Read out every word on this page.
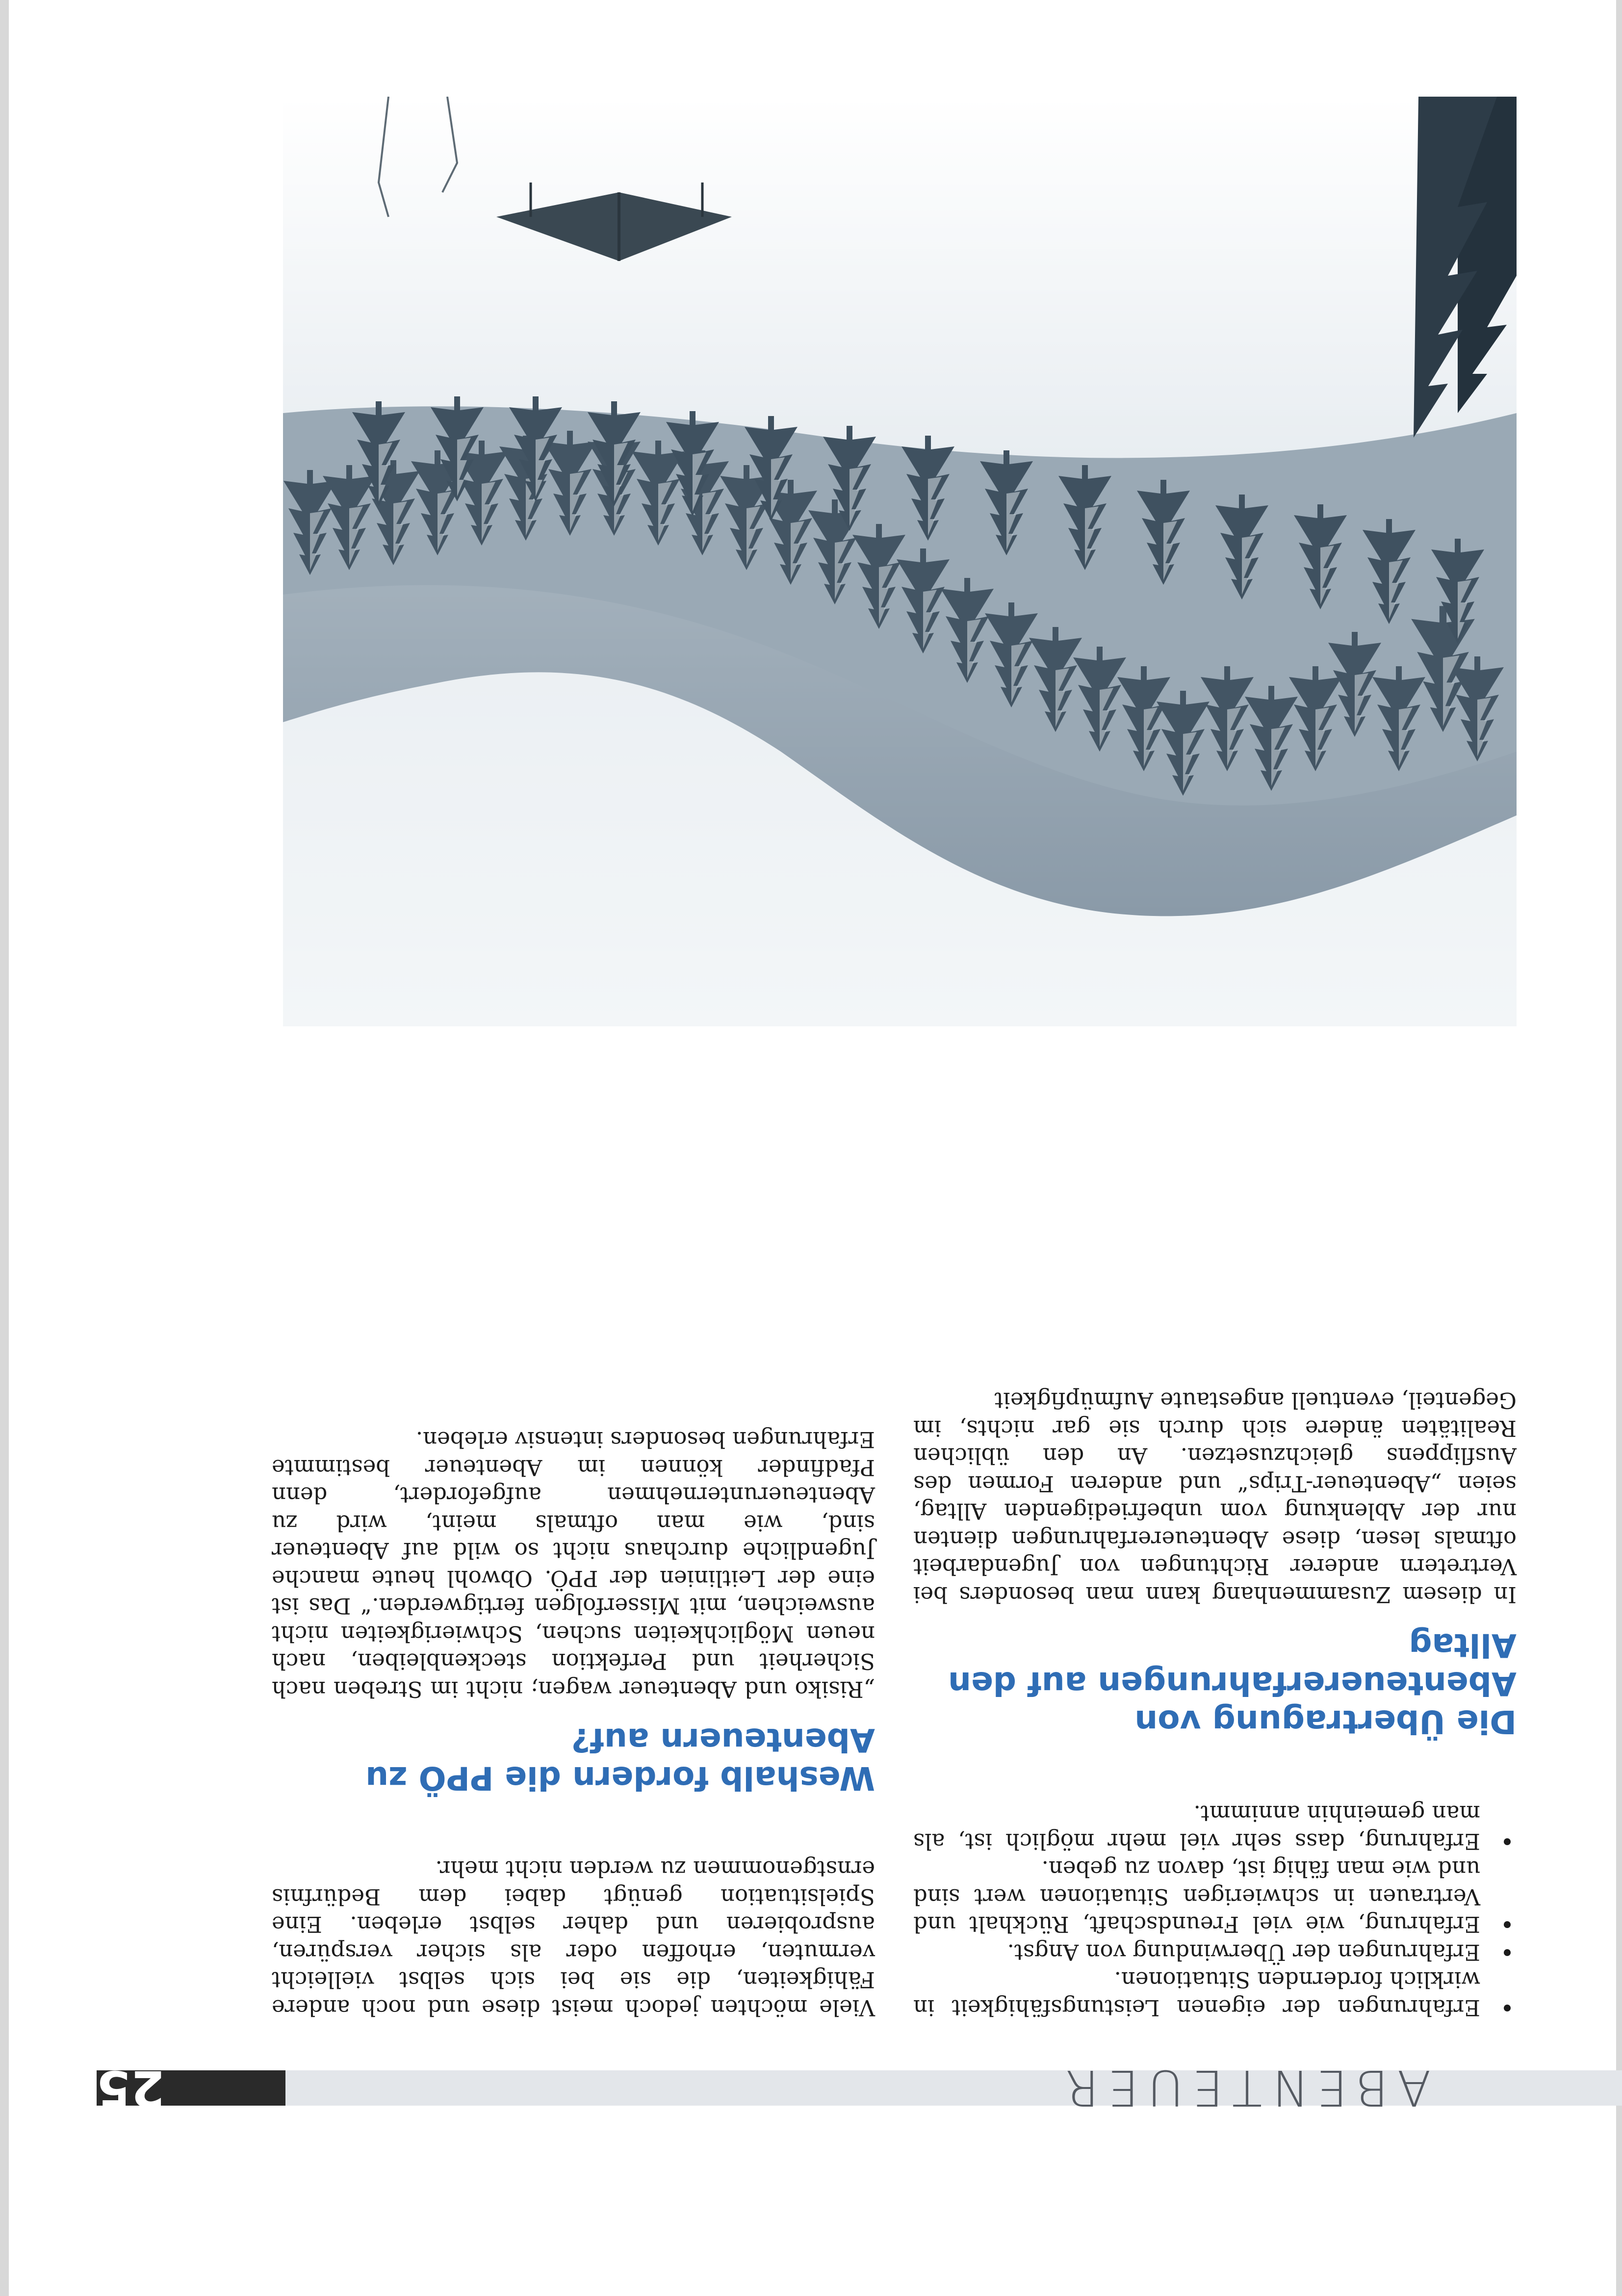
ABENTEUER
25
Erfahrungen der eigenen Leistungsfähigkeit in wirklich fordernden Situationen.
Erfahrungen der Überwindung von Angst.
Erfahrung, wie viel Freundschaft, Rückhalt und Vertrauen in schwierigen Situationen wert sind und wie man fähig ist, davon zu geben.
Erfahrung, dass sehr viel mehr möglich ist, als man gemeinhin annimmt.
Die Übertragung von Abenteuererfahrungen auf den Alltag

In diesem Zusammenhang kann man besonders bei Vertretern anderer Richtungen von Jugendarbeit oftmals lesen, diese Abenteuererfahrungen dienten nur der Ablenkung vom unbefriedigenden Alltag, seien „Abenteuer-Trips“ und anderen Formen des Ausflippens gleichzusetzen. An den üblichen Realitäten ändere sich durch sie gar nichts, im Gegenteil, eventuell angestaute Aufmüpfigkeit

Viele möchten jedoch meist diese und noch andere Fähigkeiten, die sie bei sich selbst vielleicht vermuten, erhoffen oder als sicher verspüren, ausprobieren und daher selbst erleben. Eine Spielsituation genügt dabei dem Bedürfnis ernstgenommen zu werden nicht mehr.

Weshalb fordern die PPÖ zu Abenteuern auf?

„Risiko und Abenteuer wagen; nicht im Streben nach Sicherheit und Perfektion steckenbleiben, nach neuen Möglichkeiten suchen, Schwierigkeiten nicht ausweichen, mit Misserfolgen fertigwerden.“ Das ist eine der Leitlinien der PPÖ. Obwohl heute manche Jugendliche durchaus nicht so wild auf Abenteuer sind, wie man oftmals meint, wird zu Abenteuerunternehmen aufgefordert, denn Pfadfinder können im Abenteuer bestimmte Erfahrungen besonders intensiv erleben.
